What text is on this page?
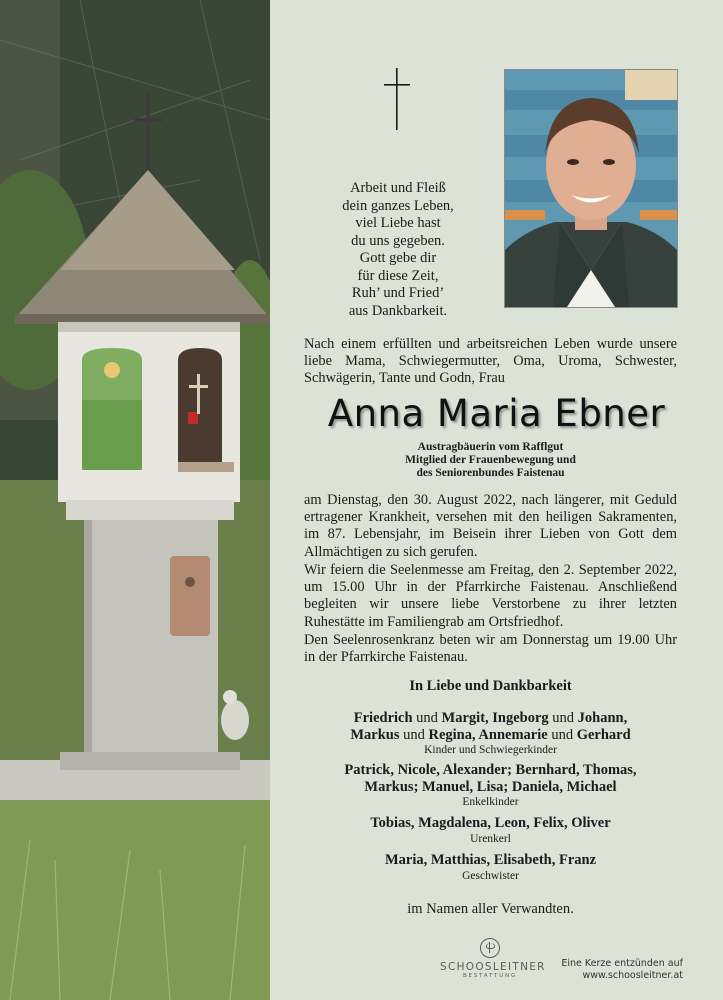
Arbeit und Fleiß
dein ganzes Leben,
viel Liebe hast
du uns gegeben.
Gott gebe dir
für diese Zeit,
Ruh’ und Fried’
aus Dankbarkeit.
Nach einem erfüllten und arbeitsreichen Leben wurde unsere liebe Mama, Schwiegermutter, Oma, Uroma, Schwester, Schwägerin, Tante und Godn, Frau
Anna Maria Ebner
Austragbäuerin vom Rafflgut
Mitglied der Frauenbewegung und
des Seniorenbundes Faistenau
am Dienstag, den 30. August 2022, nach längerer, mit Geduld ertragener Krankheit, versehen mit den heiligen Sakramenten, im 87. Lebensjahr, im Beisein ihrer Lieben von Gott dem Allmächtigen zu sich gerufen.
Wir feiern die Seelenmesse am Freitag, den 2. September 2022, um 15.00 Uhr in der Pfarrkirche Faistenau. Anschließend begleiten wir unsere liebe Verstorbene zu ihrer letzten Ruhestätte im Familiengrab am Ortsfriedhof.
Den Seelenrosenkranz beten wir am Donnerstag um 19.00 Uhr in der Pfarrkirche Faistenau.
In Liebe und Dankbarkeit
Friedrich und Margit, Ingeborg und Johann,
Markus und Regina, Annemarie und Gerhard
Kinder und Schwiegerkinder
Patrick, Nicole, Alexander; Bernhard, Thomas,
Markus; Manuel, Lisa; Daniela, Michael
Enkelkinder
Tobias, Magdalena, Leon, Felix, Oliver
Urenkerl
Maria, Matthias, Elisabeth, Franz
Geschwister
im Namen aller Verwandten.
SCHOOSLEITNER
BESTATTUNG
Eine Kerze entzünden auf
www.schoosleitner.at
